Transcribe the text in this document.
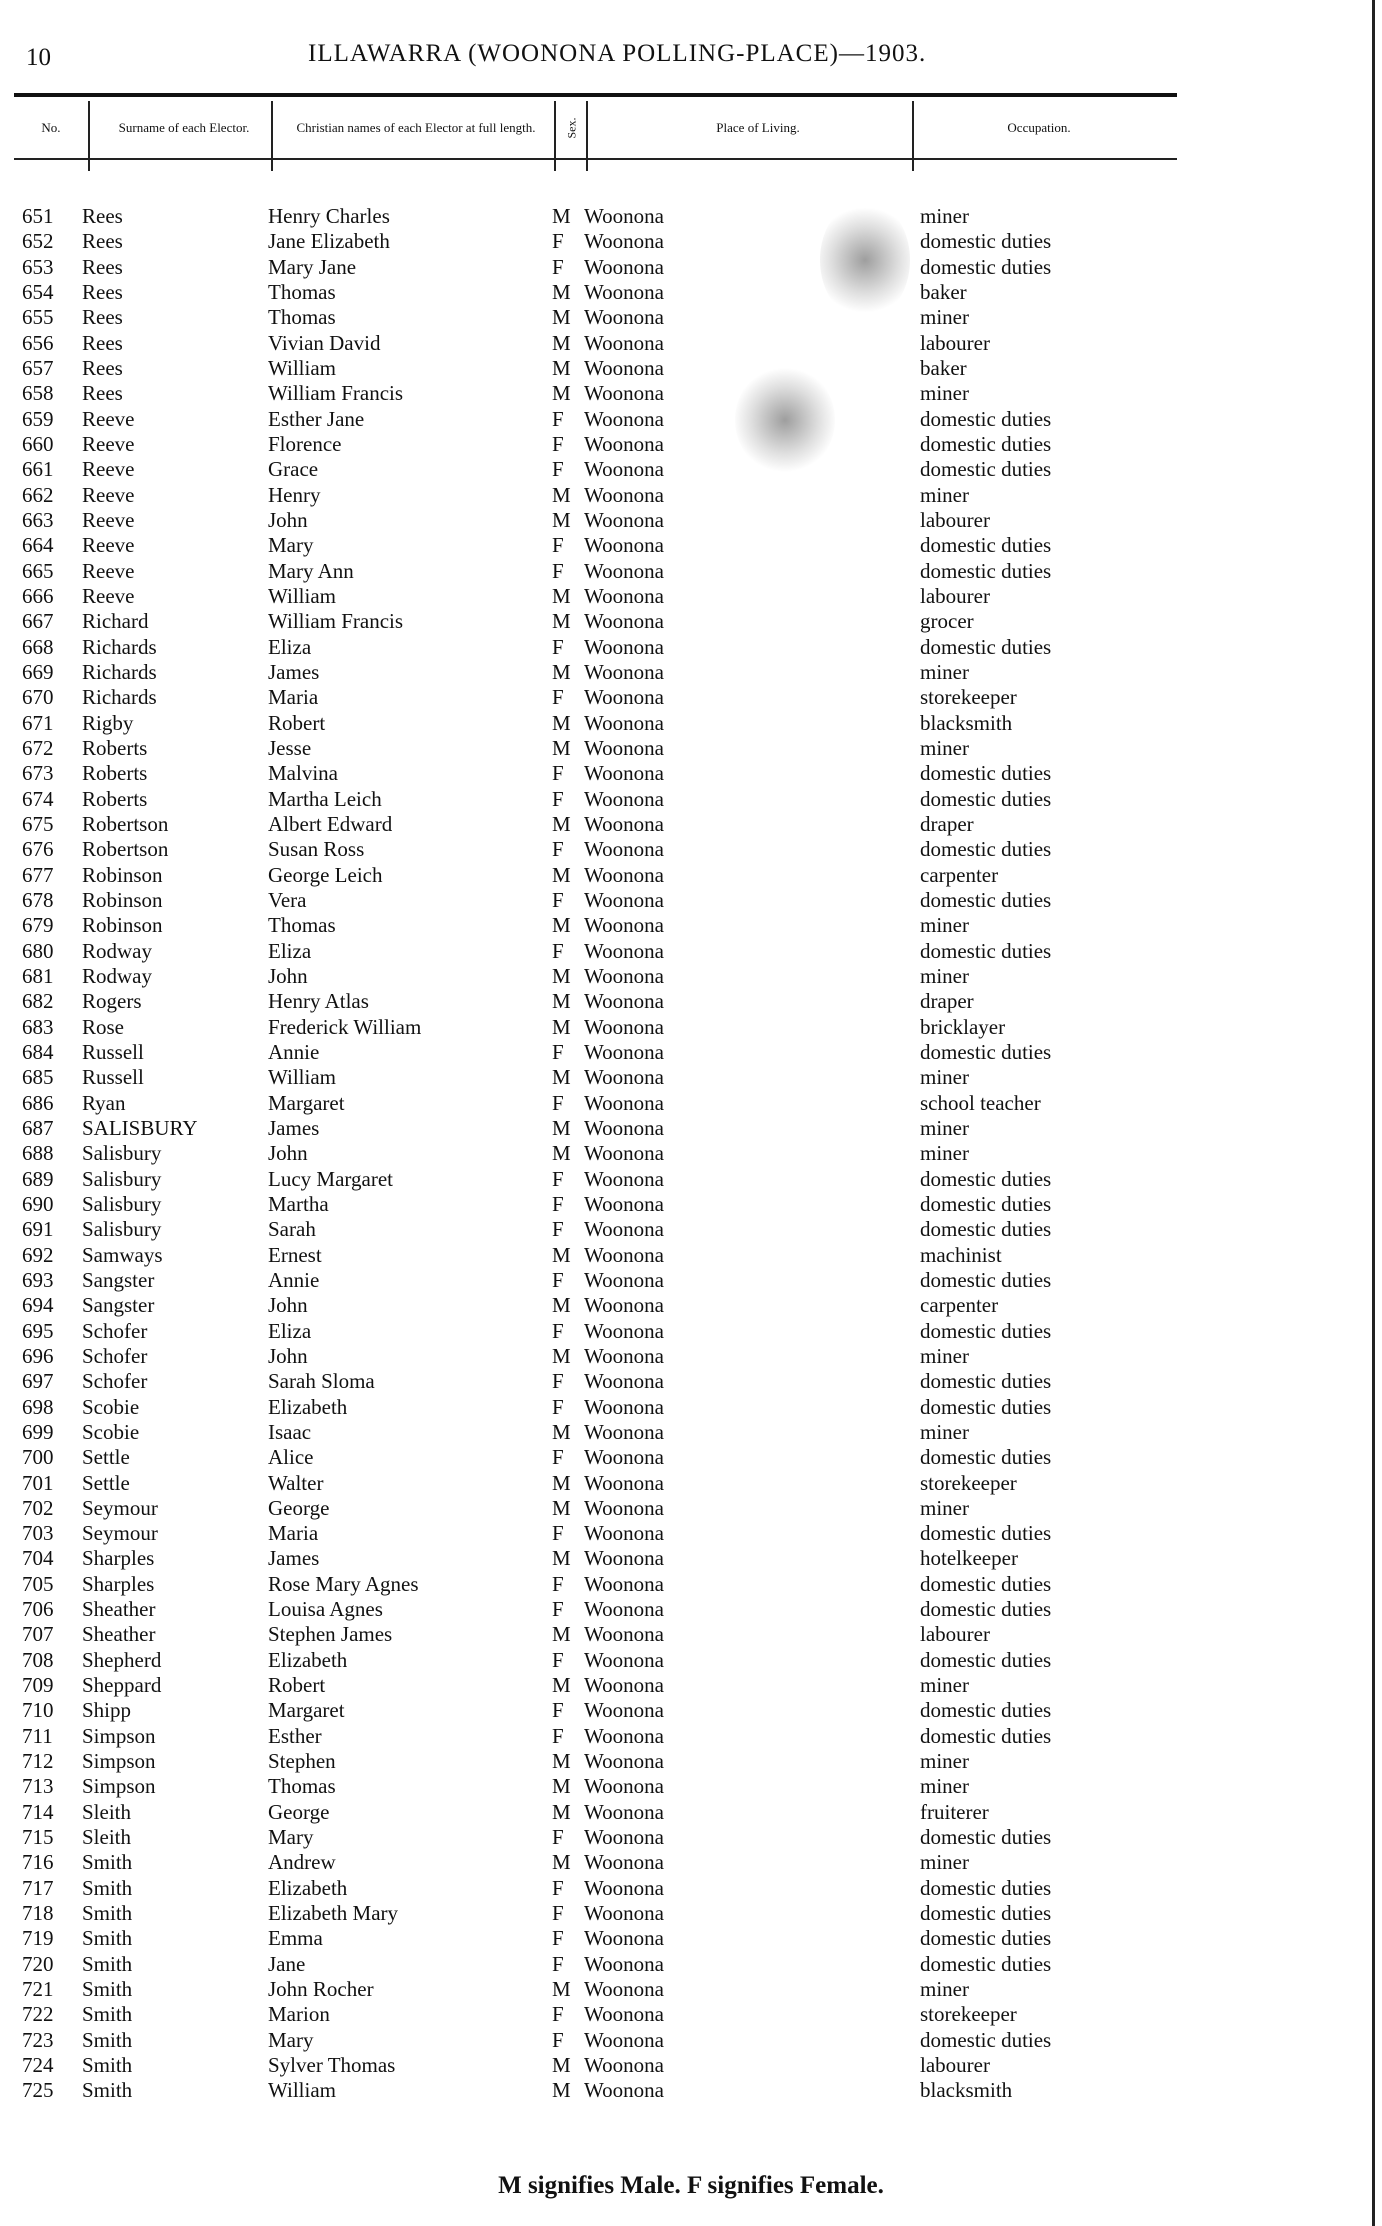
10	ILLAWARRA (WOONONA POLLING-PLACE)—1903.
No.	Surname of each Elector.	Christian names of each Elector at full length.	Sex.	Place of Living.	Occupation.
651 Rees	Henry Charles	M Woonona	miner
652 Rees	Jane Elizabeth	F Woonona	domestic duties
653 Rees	Mary Jane	F Woonona	domestic duties
654 Rees	Thomas	M Woonona	baker
655 Rees	Thomas	M Woonona	miner
656 Rees	Vivian David	M Woonona	labourer
657 Rees	William	M Woonona	baker
658 Rees	William Francis	M Woonona	miner
659 Reeve	Esther Jane	F Woonona	domestic duties
660 Reeve	Florence	F Woonona	domestic duties
661 Reeve	Grace	F Woonona	domestic duties
662 Reeve	Henry	M Woonona	miner
663 Reeve	John	M Woonona	labourer
664 Reeve	Mary	F Woonona	domestic duties
665 Reeve	Mary Ann	F Woonona	domestic duties
666 Reeve	William	M Woonona	labourer
667 Richard	William Francis	M Woonona	grocer
668 Richards	Eliza	F Woonona	domestic duties
669 Richards	James	M Woonona	miner
670 Richards	Maria	F Woonona	storekeeper
671 Rigby	Robert	M Woonona	blacksmith
672 Roberts	Jesse	M Woonona	miner
673 Roberts	Malvina	F Woonona	domestic duties
674 Roberts	Martha Leich	F Woonona	domestic duties
675 Robertson	Albert Edward	M Woonona	draper
676 Robertson	Susan Ross	F Woonona	domestic duties
677 Robinson	George Leich	M Woonona	carpenter
678 Robinson	Vera	F Woonona	domestic duties
679 Robinson	Thomas	M Woonona	miner
680 Rodway	Eliza	F Woonona	domestic duties
681 Rodway	John	M Woonona	miner
682 Rogers	Henry Atlas	M Woonona	draper
683 Rose	Frederick William	M Woonona	bricklayer
684 Russell	Annie	F Woonona	domestic duties
685 Russell	William	M Woonona	miner
686 Ryan	Margaret	F Woonona	school teacher
687 SALISBURY	James	M Woonona	miner
688 Salisbury	John	M Woonona	miner
689 Salisbury	Lucy Margaret	F Woonona	domestic duties
690 Salisbury	Martha	F Woonona	domestic duties
691 Salisbury	Sarah	F Woonona	domestic duties
692 Samways	Ernest	M Woonona	machinist
693 Sangster	Annie	F Woonona	domestic duties
694 Sangster	John	M Woonona	carpenter
695 Schofer	Eliza	F Woonona	domestic duties
696 Schofer	John	M Woonona	miner
697 Schofer	Sarah Sloma	F Woonona	domestic duties
698 Scobie	Elizabeth	F Woonona	domestic duties
699 Scobie	Isaac	M Woonona	miner
700 Settle	Alice	F Woonona	domestic duties
701 Settle	Walter	M Woonona	storekeeper
702 Seymour	George	M Woonona	miner
703 Seymour	Maria	F Woonona	domestic duties
704 Sharples	James	M Woonona	hotelkeeper
705 Sharples	Rose Mary Agnes	F Woonona	domestic duties
706 Sheather	Louisa Agnes	F Woonona	domestic duties
707 Sheather	Stephen James	M Woonona	labourer
708 Shepherd	Elizabeth	F Woonona	domestic duties
709 Sheppard	Robert	M Woonona	miner
710 Shipp	Margaret	F Woonona	domestic duties
711 Simpson	Esther	F Woonona	domestic duties
712 Simpson	Stephen	M Woonona	miner
713 Simpson	Thomas	M Woonona	miner
714 Sleith	George	M Woonona	fruiterer
715 Sleith	Mary	F Woonona	domestic duties
716 Smith	Andrew	M Woonona	miner
717 Smith	Elizabeth	F Woonona	domestic duties
718 Smith	Elizabeth Mary	F Woonona	domestic duties
719 Smith	Emma	F Woonona	domestic duties
720 Smith	Jane	F Woonona	domestic duties
721 Smith	John Rocher	M Woonona	miner
722 Smith	Marion	F Woonona	storekeeper
723 Smith	Mary	F Woonona	domestic duties
724 Smith	Sylver Thomas	M Woonona	labourer
725 Smith	William	M Woonona	blacksmith
M signifies Male. F signifies Female.
